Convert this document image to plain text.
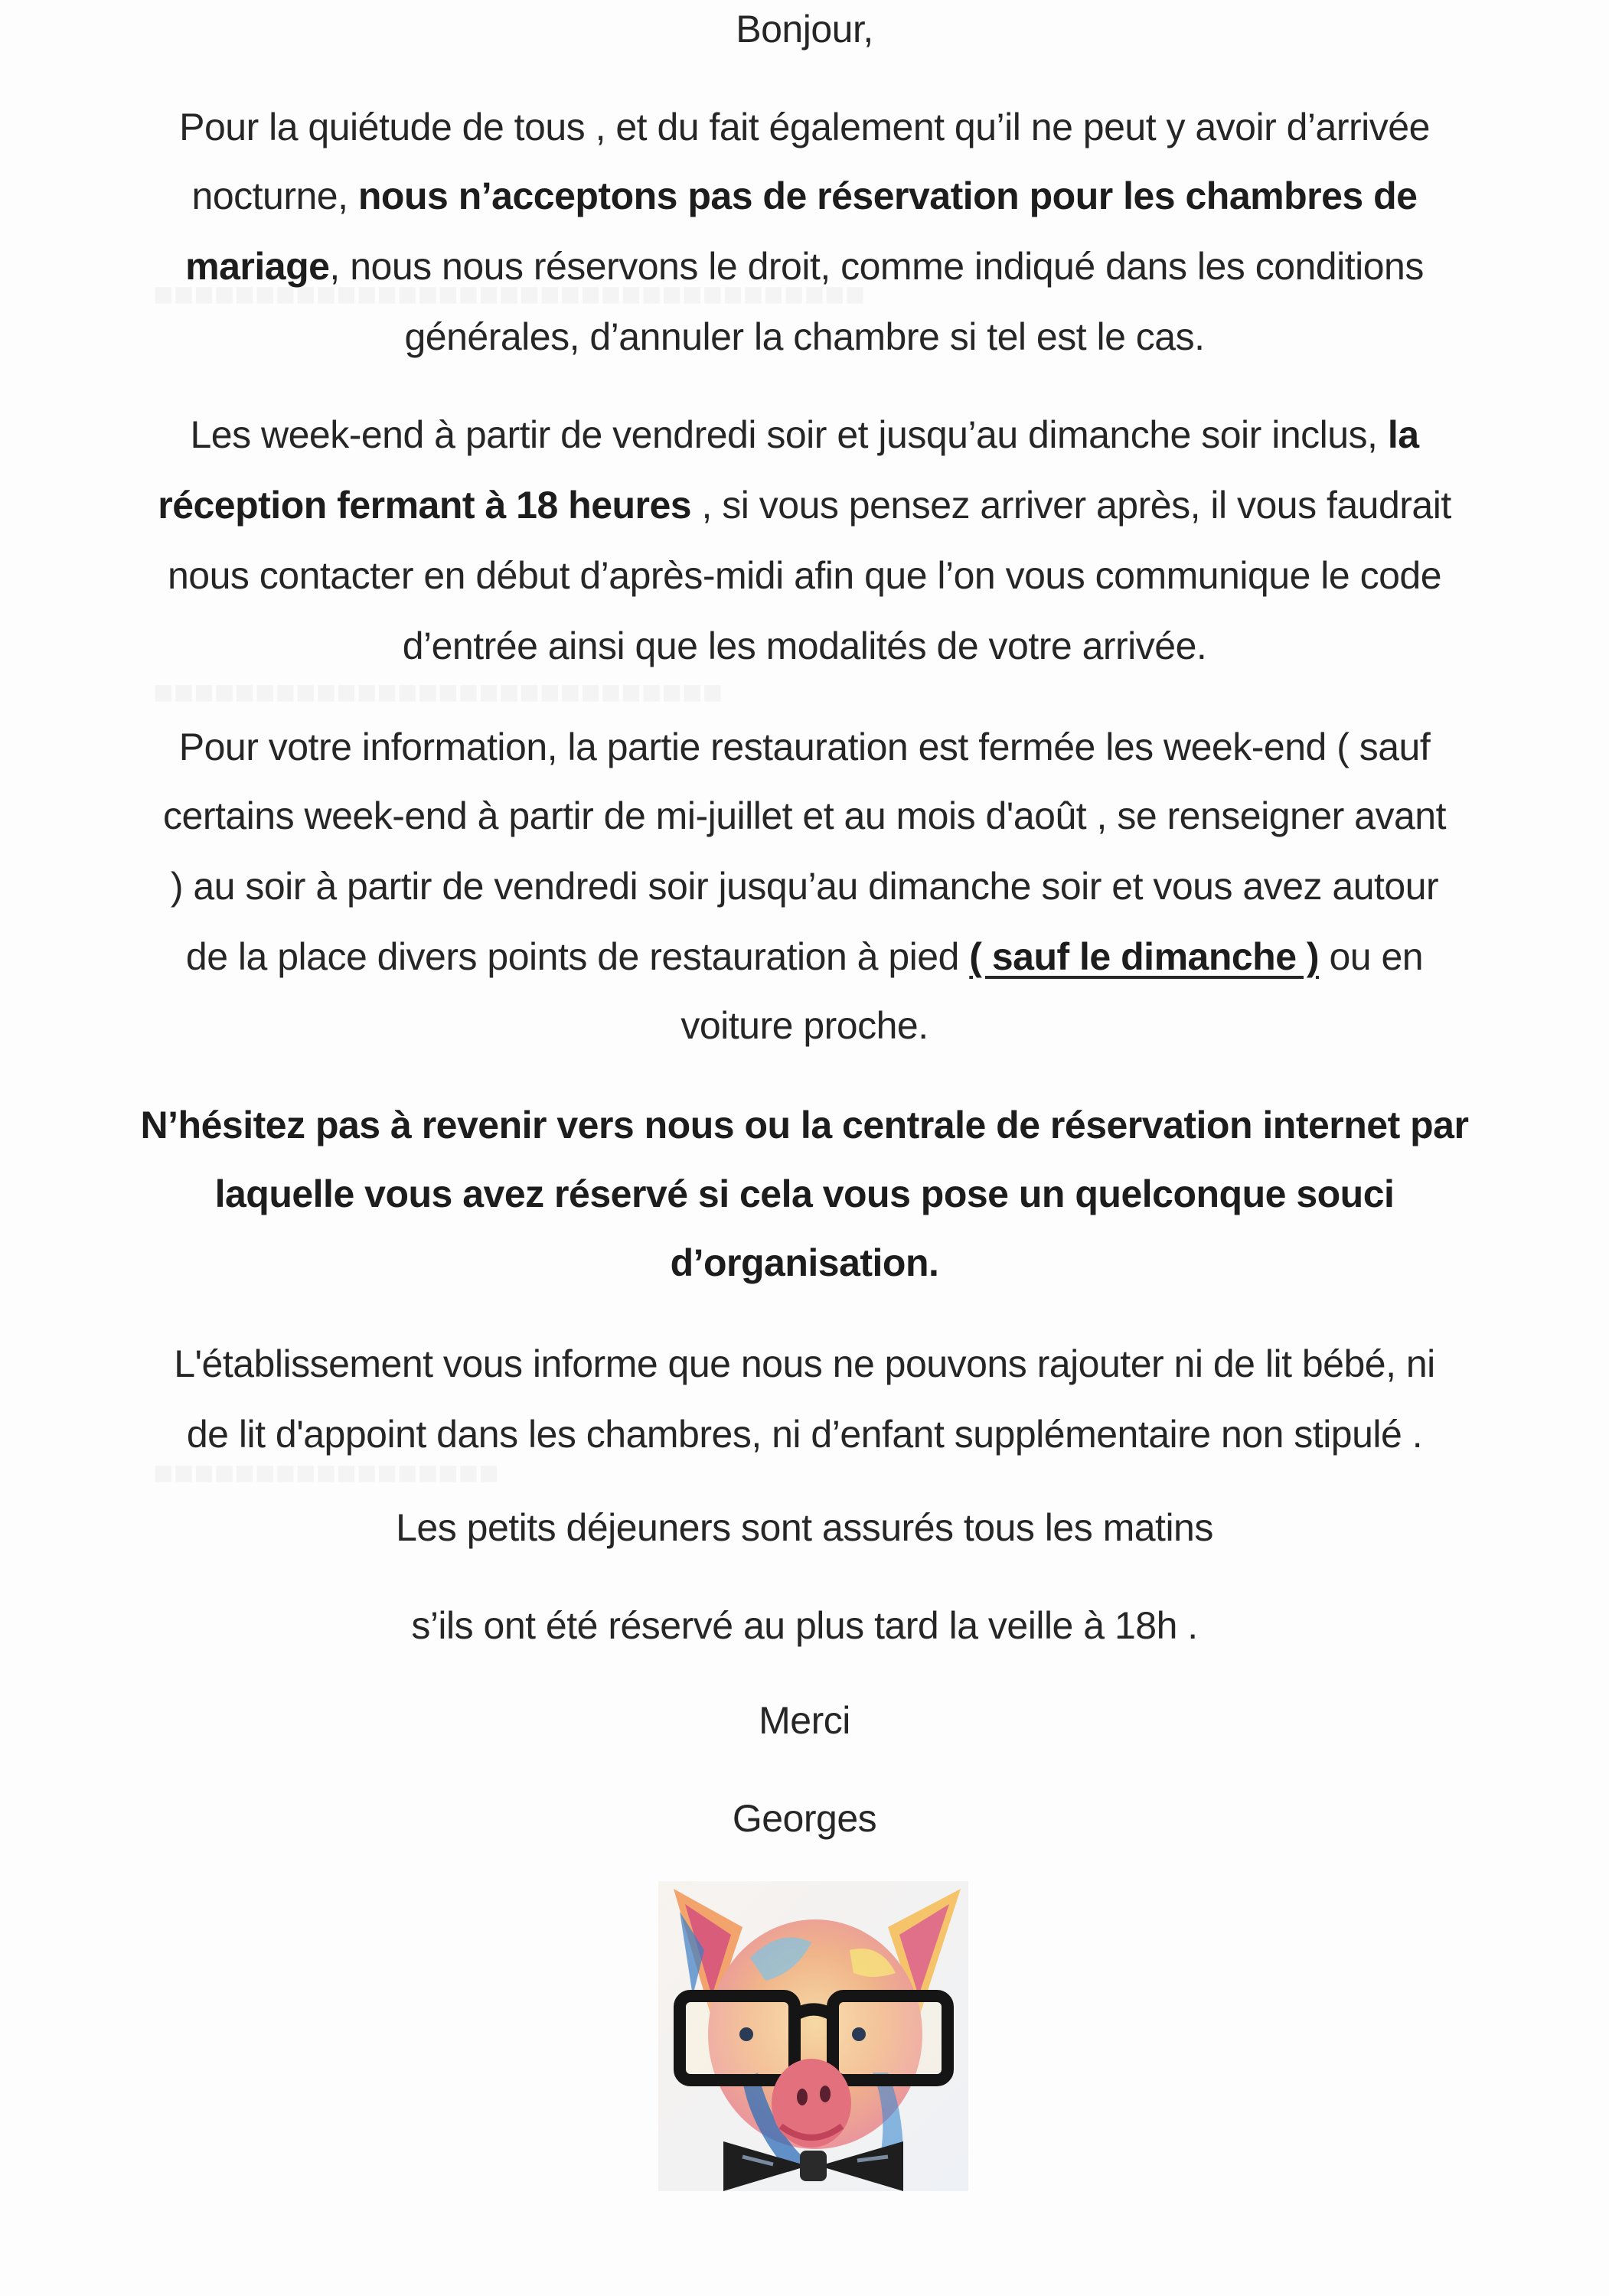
Bonjour,
Pour la quiétude de tous , et du fait également qu’il ne peut y avoir d’arrivée
nocturne, nous n’acceptons pas de réservation pour les chambres de
mariage, nous nous réservons le droit, comme indiqué dans les conditions
générales, d’annuler la chambre si tel est le cas.
Les week-end à partir de vendredi soir et jusqu’au dimanche soir inclus, la
réception fermant à 18 heures , si vous pensez arriver après, il vous faudrait
nous contacter en début d’après-midi afin que l’on vous communique le code
d’entrée ainsi que les modalités de votre arrivée.
Pour votre information, la partie restauration est fermée les week-end ( sauf
certains week-end à partir de mi-juillet et au mois d'août , se renseigner avant
) au soir à partir de vendredi soir jusqu’au dimanche soir et vous avez autour
de la place divers points de restauration à pied ( sauf le dimanche ) ou en
voiture proche.
N’hésitez pas à revenir vers nous ou la centrale de réservation internet par
laquelle vous avez réservé si cela vous pose un quelconque souci
d’organisation.
L'établissement vous informe que nous ne pouvons rajouter ni de lit bébé, ni
de lit d'appoint dans les chambres, ni d’enfant supplémentaire non stipulé .
Les petits déjeuners sont assurés tous les matins
s’ils ont été réservé au plus tard la veille à 18h .
Merci
Georges
